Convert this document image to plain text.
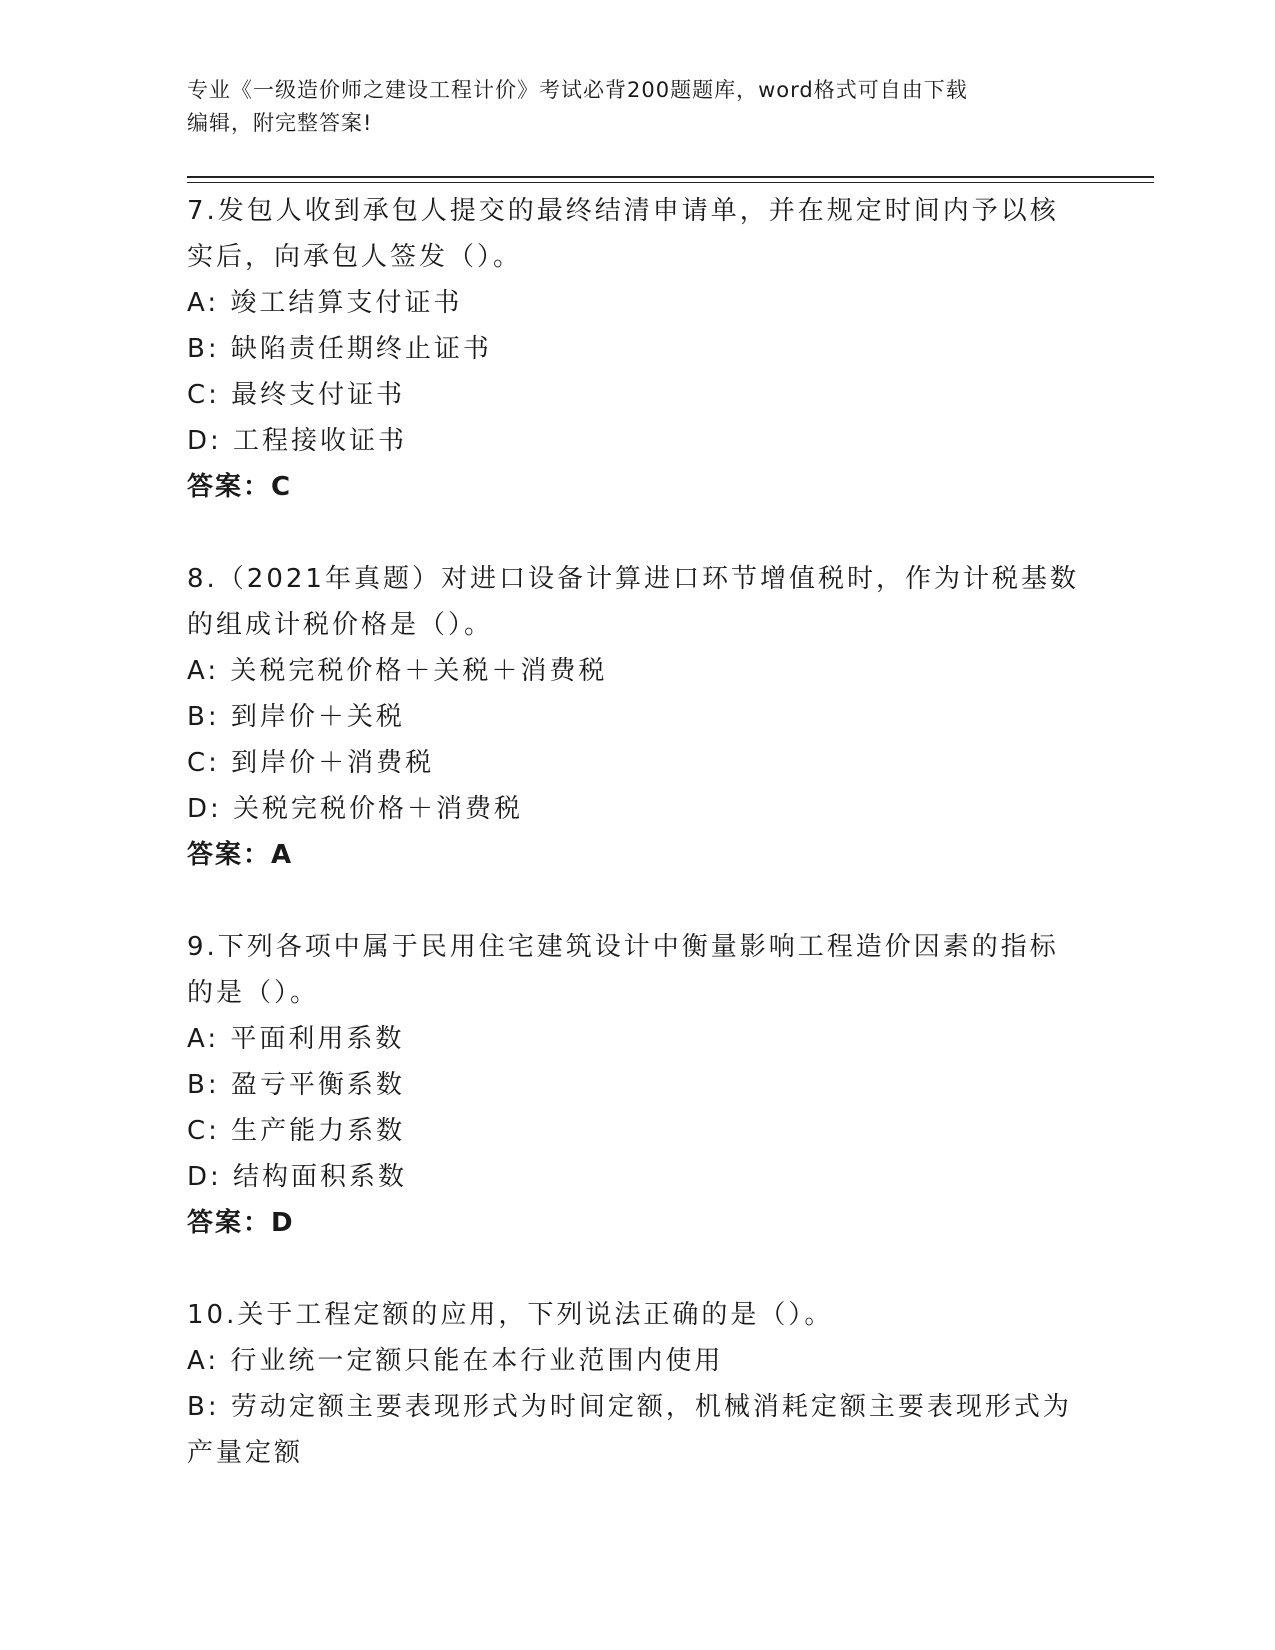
专业《一级造价师之建设工程计价》考试必背200题题库，word格式可自由下载
编辑，附完整答案!

7.发包人收到承包人提交的最终结清申请单，并在规定时间内予以核

实后，向承包人签发（）。

A: 竣工结算支付证书

B: 缺陷责任期终止证书

C: 最终支付证书

D: 工程接收证书

答案：C

8.（2021年真题）对进口设备计算进口环节增值税时，作为计税基数

的组成计税价格是（）。

A: 关税完税价格＋关税＋消费税

B: 到岸价＋关税

C: 到岸价＋消费税

D: 关税完税价格＋消费税

答案：A

9.下列各项中属于民用住宅建筑设计中衡量影响工程造价因素的指标

的是（）。

A: 平面利用系数

B: 盈亏平衡系数

C: 生产能力系数

D: 结构面积系数

答案：D

10.关于工程定额的应用，下列说法正确的是（）。

A: 行业统一定额只能在本行业范围内使用

B: 劳动定额主要表现形式为时间定额，机械消耗定额主要表现形式为

产量定额
